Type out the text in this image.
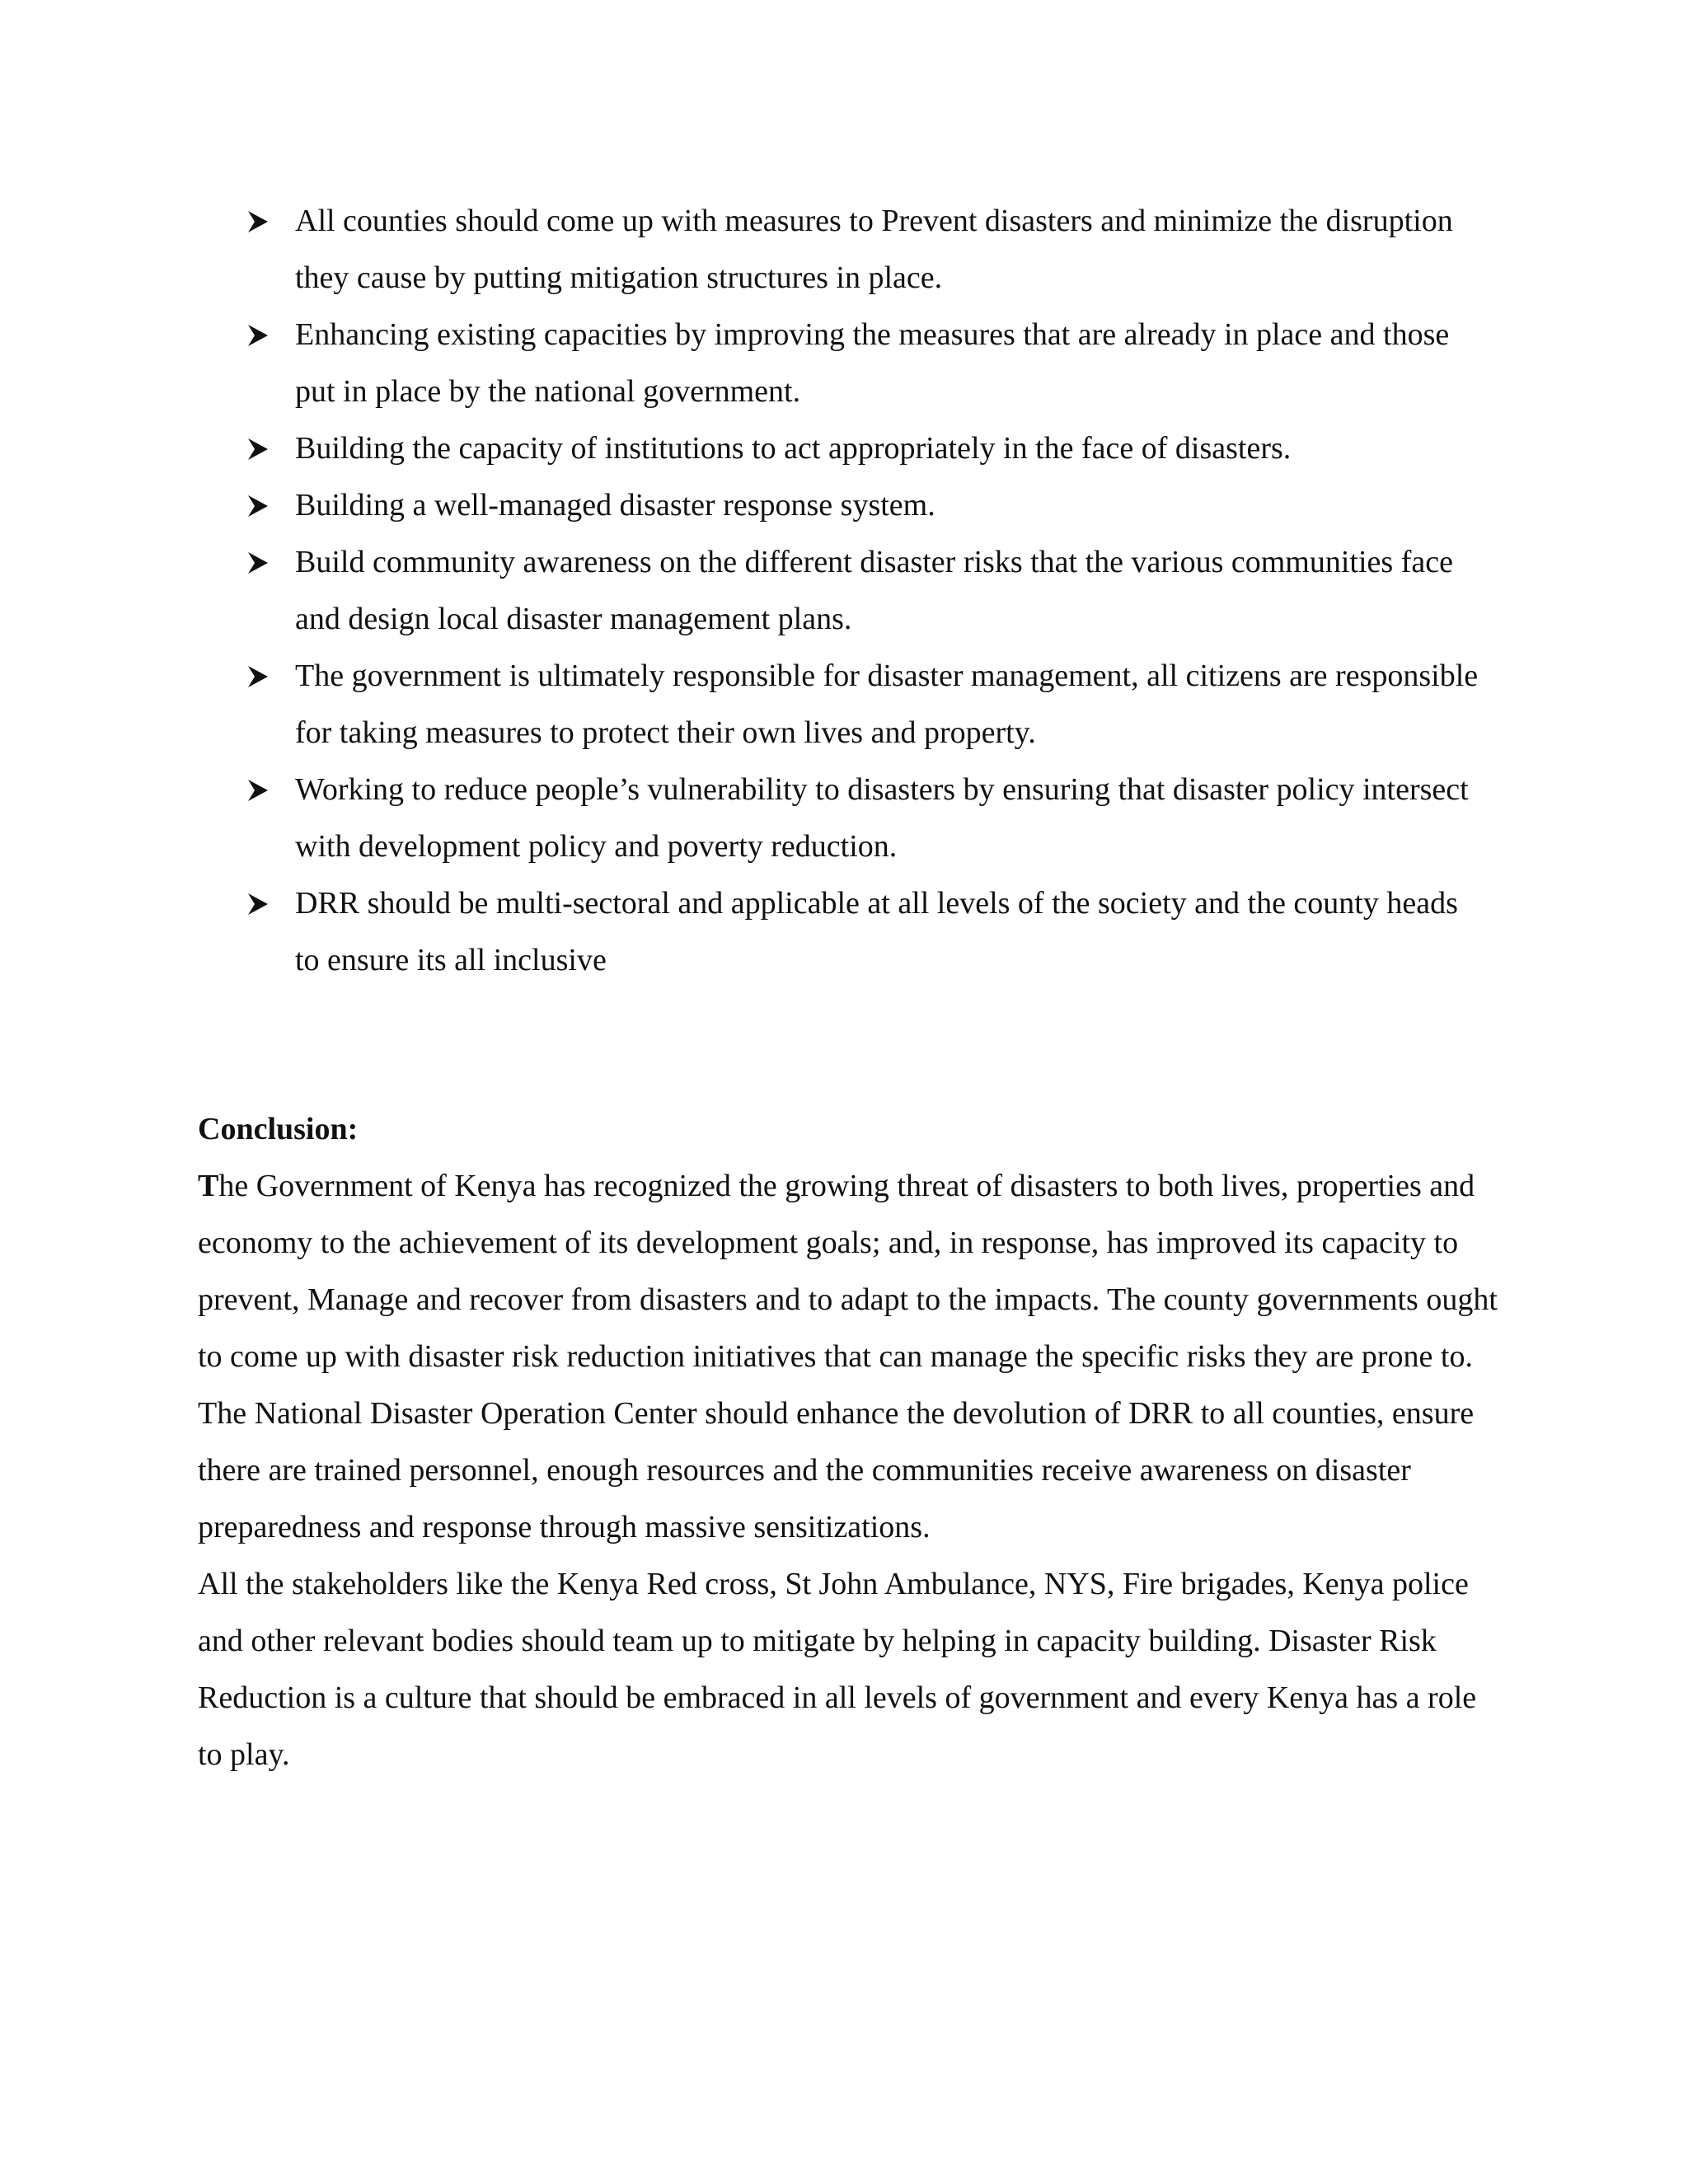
All counties should come up with measures to Prevent disasters and minimize the disruption they cause by putting mitigation structures in place.
Enhancing existing capacities by improving the measures that are already in place and those put in place by the national government.
Building the capacity of institutions to act appropriately in the face of disasters.
Building a well-managed disaster response system.
Build community awareness on the different disaster risks that the various communities face and design local disaster management plans.
The government is ultimately responsible for disaster management, all citizens are responsible for taking measures to protect their own lives and property.
Working to reduce people’s vulnerability to disasters by ensuring that disaster policy intersect with development policy and poverty reduction.
DRR should be multi-sectoral and applicable at all levels of the society and the county heads to ensure its all inclusive
Conclusion:

The Government of Kenya has recognized the growing threat of disasters to both lives, properties and economy to the achievement of its development goals; and, in response, has improved its capacity to prevent, Manage and recover from disasters and to adapt to the impacts. The county governments ought to come up with disaster risk reduction initiatives that can manage the specific risks they are prone to.

The National Disaster Operation Center should enhance the devolution of DRR to all counties, ensure there are trained personnel, enough resources and the communities receive awareness on disaster preparedness and response through massive sensitizations.

All the stakeholders like the Kenya Red cross, St John Ambulance, NYS, Fire brigades, Kenya police and other relevant bodies should team up to mitigate by helping in capacity building. Disaster Risk Reduction is a culture that should be embraced in all levels of government and every Kenya has a role to play.
